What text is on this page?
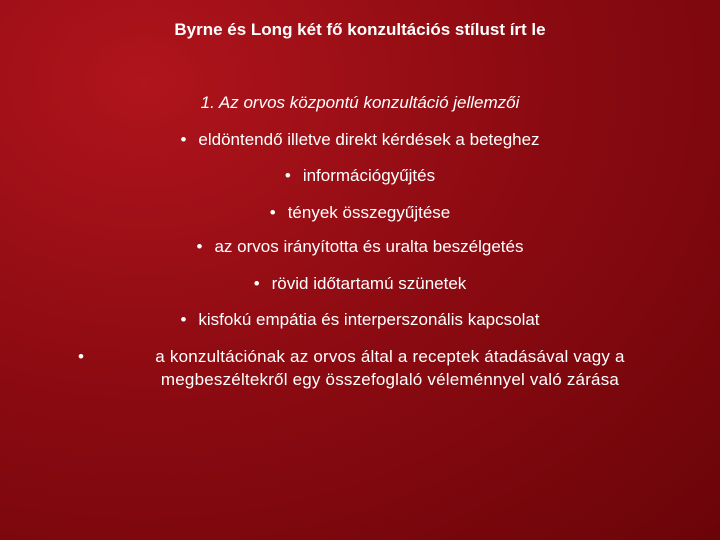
Byrne és Long két fő konzultációs stílust írt le
1. Az orvos központú konzultáció jellemzői
• eldöntendő illetve direkt kérdések a beteghez
• információgyűjtés
• tények összegyűjtése
• az orvos irányította és uralta beszélgetés
• rövid időtartamú szünetek
• kisfokú empátia és interperszonális kapcsolat
•	a konzultációnak az orvos által a receptek átadásával vagy a megbeszéltekről egy összefoglaló véleménnyel való zárása
